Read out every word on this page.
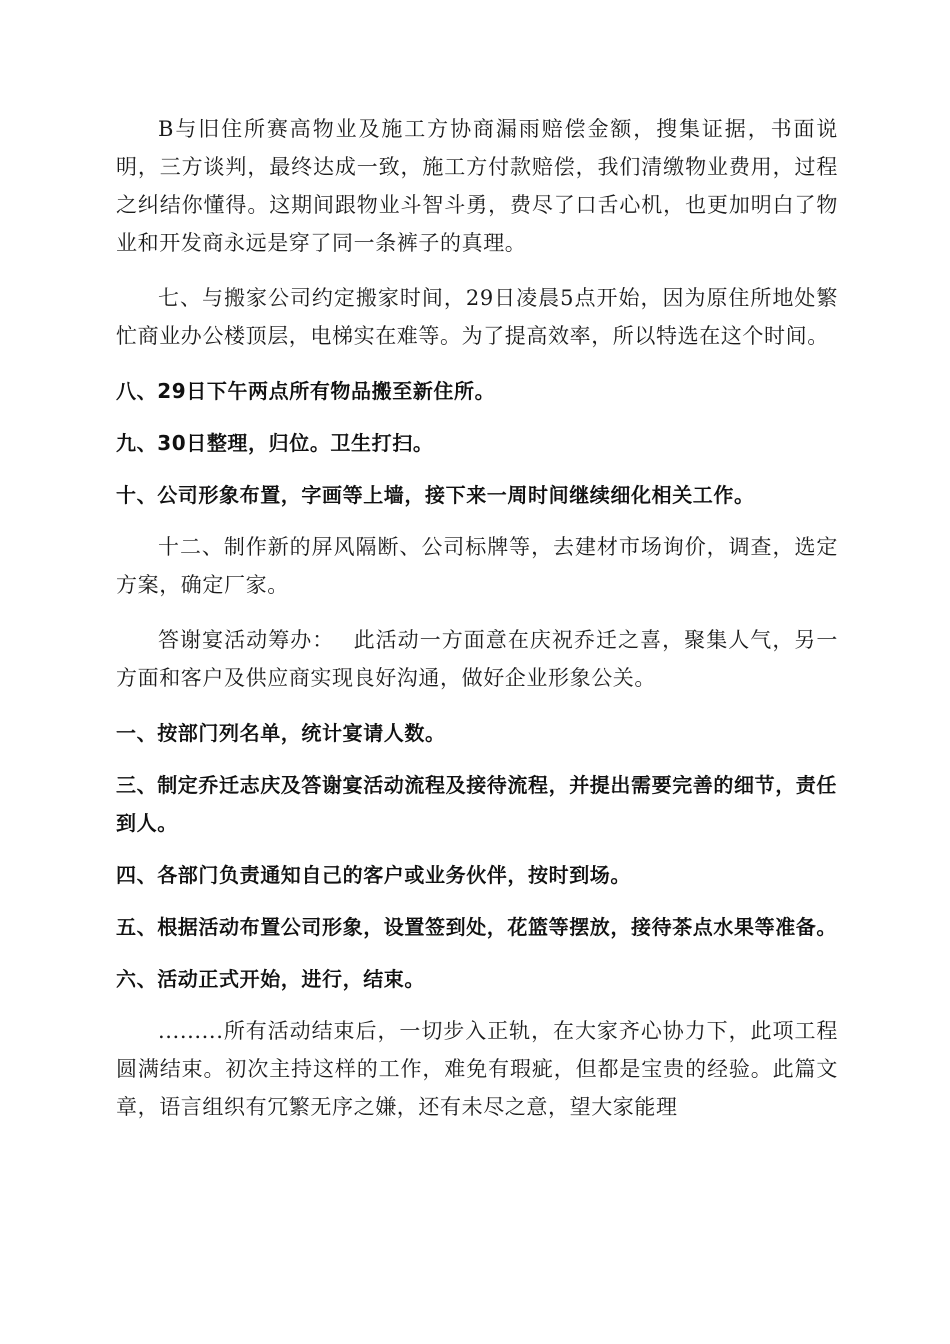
B与旧住所赛高物业及施工方协商漏雨赔偿金额，搜集证据，书面说明，三方谈判，最终达成一致，施工方付款赔偿，我们清缴物业费用，过程之纠结你懂得。这期间跟物业斗智斗勇，费尽了口舌心机，也更加明白了物业和开发商永远是穿了同一条裤子的真理。

七、与搬家公司约定搬家时间，29日凌晨5点开始，因为原住所地处繁忙商业办公楼顶层，电梯实在难等。为了提高效率，所以特选在这个时间。

八、29日下午两点所有物品搬至新住所。

九、30日整理，归位。卫生打扫。

十、公司形象布置，字画等上墙，接下来一周时间继续细化相关工作。

十二、制作新的屏风隔断、公司标牌等，去建材市场询价，调查，选定方案，确定厂家。

答谢宴活动筹办：　 此活动一方面意在庆祝乔迁之喜，聚集人气，另一方面和客户及供应商实现良好沟通，做好企业形象公关。

一、按部门列名单，统计宴请人数。

三、制定乔迁志庆及答谢宴活动流程及接待流程，并提出需要完善的细节，责任到人。

四、各部门负责通知自己的客户或业务伙伴，按时到场。

五、根据活动布置公司形象，设置签到处，花篮等摆放，接待茶点水果等准备。

六、活动正式开始，进行，结束。

.........所有活动结束后，一切步入正轨，在大家齐心协力下，此项工程圆满结束。初次主持这样的工作，难免有瑕疵，但都是宝贵的经验。此篇文章，语言组织有冗繁无序之嫌，还有未尽之意，望大家能理
